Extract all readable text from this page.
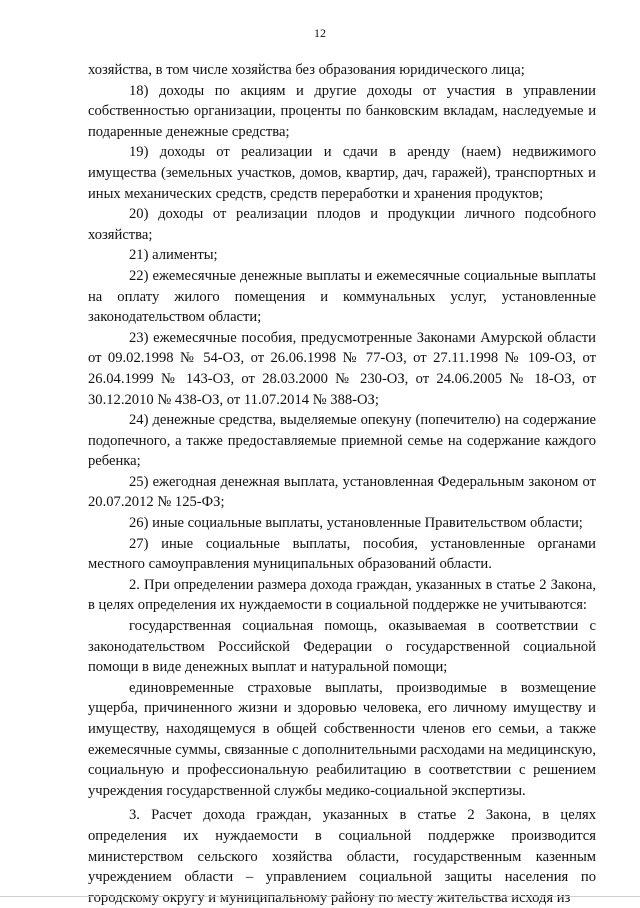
12

хозяйства, в том числе хозяйства без образования юридического лица;

18) доходы по акциям и другие доходы от участия в управлении собственностью организации, проценты по банковским вкладам, наследуемые и подаренные денежные средства;

19) доходы от реализации и сдачи в аренду (наем) недвижимого имущества (земельных участков, домов, квартир, дач, гаражей), транспортных и иных механических средств, средств переработки и хранения продуктов;

20) доходы от реализации плодов и продукции личного подсобного хозяйства;

21) алименты;

22) ежемесячные денежные выплаты и ежемесячные социальные выплаты на оплату жилого помещения и коммунальных услуг, установленные законодательством области;

23) ежемесячные пособия, предусмотренные Законами Амурской области от 09.02.1998 № 54-ОЗ, от 26.06.1998 № 77-ОЗ, от 27.11.1998 № 109-ОЗ, от 26.04.1999 № 143-ОЗ, от 28.03.2000 № 230-ОЗ, от 24.06.2005 № 18-ОЗ, от 30.12.2010 № 438-ОЗ, от 11.07.2014 № 388-ОЗ;

24) денежные средства, выделяемые опекуну (попечителю) на содержание подопечного, а также предоставляемые приемной семье на содержание каждого ребенка;

25) ежегодная денежная выплата, установленная Федеральным законом от 20.07.2012 № 125-ФЗ;

26) иные социальные выплаты, установленные Правительством области;

27) иные социальные выплаты, пособия, установленные органами местного самоуправления муниципальных образований области.

2. При определении размера дохода граждан, указанных в статье 2 Закона, в целях определения их нуждаемости в социальной поддержке не учитываются:

государственная социальная помощь, оказываемая в соответствии с законодательством Российской Федерации о государственной социальной помощи в виде денежных выплат и натуральной помощи;

единовременные страховые выплаты, производимые в возмещение ущерба, причиненного жизни и здоровью человека, его личному имуществу и имуществу, находящемуся в общей собственности членов его семьи, а также ежемесячные суммы, связанные с дополнительными расходами на медицинскую, социальную и профессиональную реабилитацию в соответствии с решением учреждения государственной службы медико-социальной экспертизы.

3. Расчет дохода граждан, указанных в статье 2 Закона, в целях определения их нуждаемости в социальной поддержке производится министерством сельского хозяйства области, государственным казенным учреждением области – управлением социальной защиты населения по городскому округу и муниципальному району по месту жительства исходя из
